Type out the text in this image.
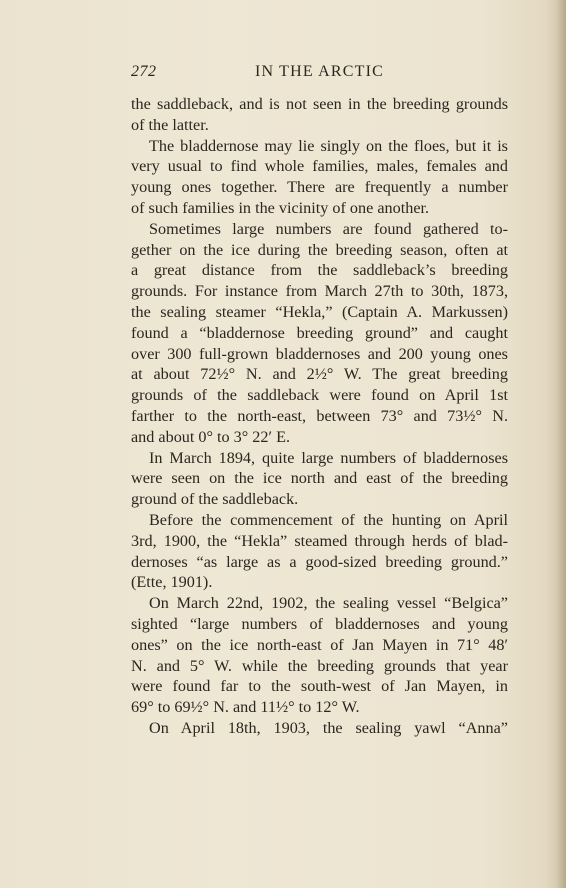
272	IN THE ARCTIC
the saddleback, and is not seen in the breeding grounds
of the latter.
The bladdernose may lie singly on the floes, but it is
very usual to find whole families, males, females and
young ones together. There are frequently a number
of such families in the vicinity of one another.
Sometimes large numbers are found gathered to-
gether on the ice during the breeding season, often at
a great distance from the saddleback’s breeding
grounds. For instance from March 27th to 30th, 1873,
the sealing steamer “Hekla,” (Captain A. Markussen)
found a “bladdernose breeding ground” and caught
over 300 full-grown bladdernoses and 200 young ones
at about 72½° N. and 2½° W. The great breeding
grounds of the saddleback were found on April 1st
farther to the north-east, between 73° and 73½° N.
and about 0° to 3° 22′ E.
In March 1894, quite large numbers of bladdernoses
were seen on the ice north and east of the breeding
ground of the saddleback.
Before the commencement of the hunting on April
3rd, 1900, the “Hekla” steamed through herds of blad-
dernoses “as large as a good-sized breeding ground.”
(Ette, 1901).
On March 22nd, 1902, the sealing vessel “Belgica”
sighted “large numbers of bladdernoses and young
ones” on the ice north-east of Jan Mayen in 71° 48′
N. and 5° W. while the breeding grounds that year
were found far to the south-west of Jan Mayen, in
69° to 69½° N. and 11½° to 12° W.
On April 18th, 1903, the sealing yawl “Anna”
